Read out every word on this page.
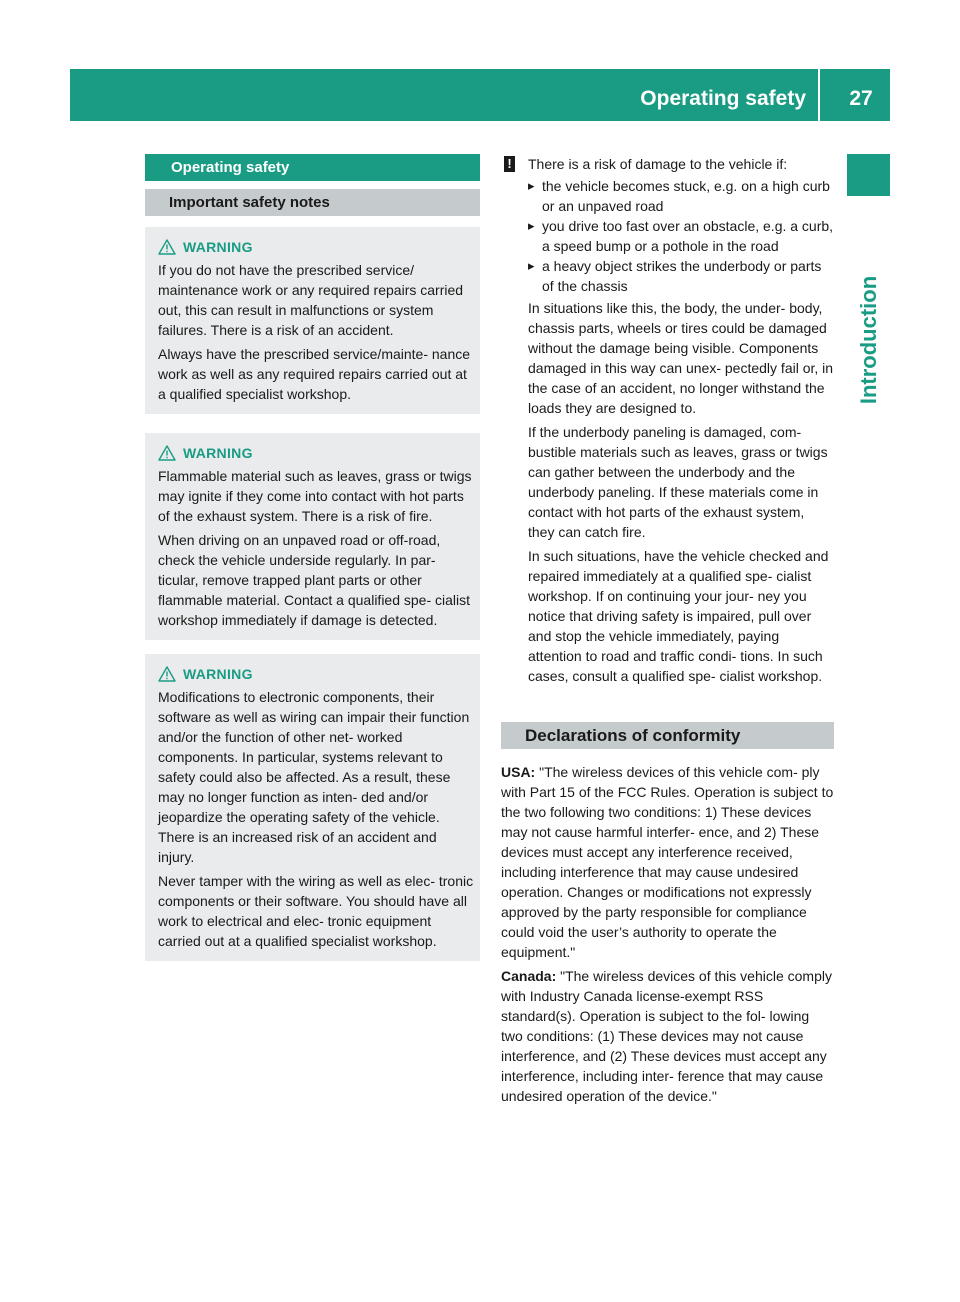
Operating safety	27
Introduction
Operating safety
Important safety notes
WARNING

If you do not have the prescribed service/ maintenance work or any required repairs carried out, this can result in malfunctions or system failures. There is a risk of an accident.

Always have the prescribed service/mainte- nance work as well as any required repairs carried out at a qualified specialist workshop.

WARNING

Flammable material such as leaves, grass or twigs may ignite if they come into contact with hot parts of the exhaust system. There is a risk of fire.

When driving on an unpaved road or off-road, check the vehicle underside regularly. In par- ticular, remove trapped plant parts or other flammable material. Contact a qualified spe- cialist workshop immediately if damage is detected.

WARNING

Modifications to electronic components, their software as well as wiring can impair their function and/or the function of other net- worked components. In particular, systems relevant to safety could also be affected. As a result, these may no longer function as inten- ded and/or jeopardize the operating safety of the vehicle. There is an increased risk of an accident and injury.

Never tamper with the wiring as well as elec- tronic components or their software. You should have all work to electrical and elec- tronic equipment carried out at a qualified specialist workshop.

! There is a risk of damage to the vehicle if:

▸ the vehicle becomes stuck, e.g. on a high curb or an unpaved road
▸ you drive too fast over an obstacle, e.g. a curb, a speed bump or a pothole in the road
▸ a heavy object strikes the underbody or parts of the chassis

In situations like this, the body, the under- body, chassis parts, wheels or tires could be damaged without the damage being visible. Components damaged in this way can unex- pectedly fail or, in the case of an accident, no longer withstand the loads they are designed to.

If the underbody paneling is damaged, com- bustible materials such as leaves, grass or twigs can gather between the underbody and the underbody paneling. If these materials come in contact with hot parts of the exhaust system, they can catch fire.

In such situations, have the vehicle checked and repaired immediately at a qualified spe- cialist workshop. If on continuing your jour- ney you notice that driving safety is impaired, pull over and stop the vehicle immediately, paying attention to road and traffic condi- tions. In such cases, consult a qualified spe- cialist workshop.

Declarations of conformity

USA: "The wireless devices of this vehicle com- ply with Part 15 of the FCC Rules. Operation is subject to the two following two conditions: 1) These devices may not cause harmful interfer- ence, and 2) These devices must accept any interference received, including interference that may cause undesired operation. Changes or modifications not expressly approved by the party responsible for compliance could void the user’s authority to operate the equipment."

Canada: "The wireless devices of this vehicle comply with Industry Canada license-exempt RSS standard(s). Operation is subject to the fol- lowing two conditions: (1) These devices may not cause interference, and (2) These devices must accept any interference, including inter- ference that may cause undesired operation of the device."
